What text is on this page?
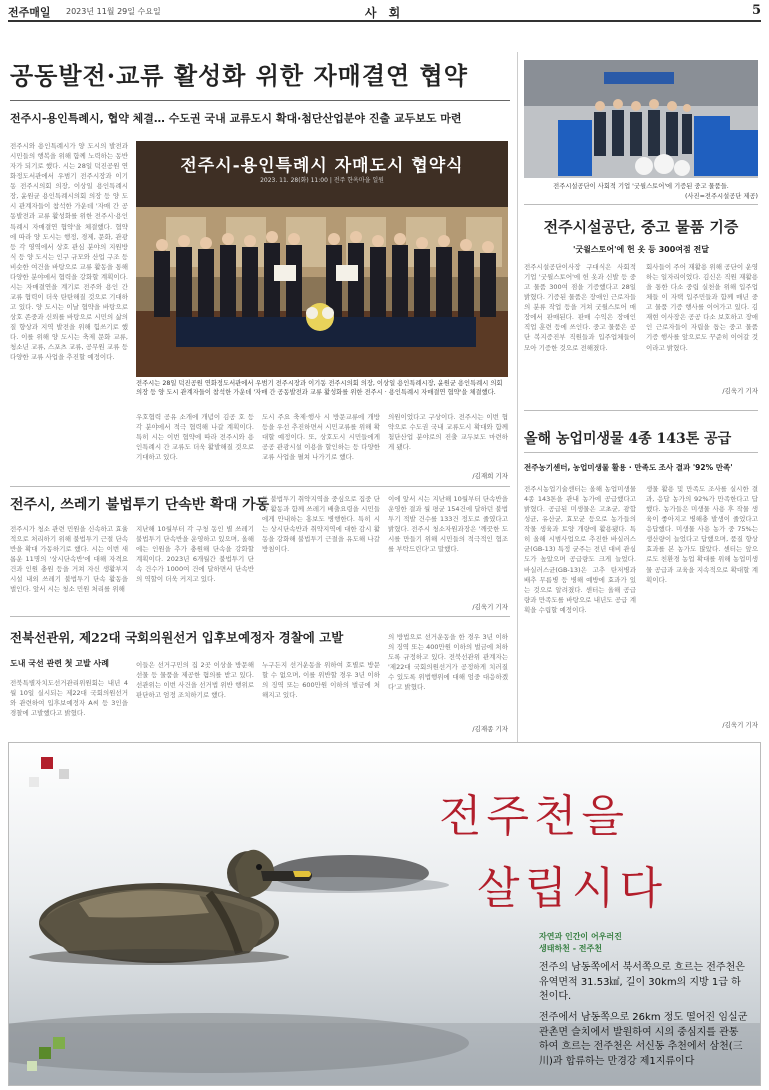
전주매일 2023년 11월 29일 수요일	사 회	5
공동발전·교류 활성화 위한 자매결연 협약
전주시-용인특례시, 협약 체결… 수도권 국내 교류도시 확대·첨단산업분야 진출 교두보도 마련
전주시와 용인특례시가 양 도시의 발전과 시민들의 행복을 위해 함께 노력하는 동반자가 되기로 했다. 시는 28일 덕진공원 연화정도서관에서 우범기 전주시장과 이기동 전주시의회 의장, 이상일 용인특례시장, 윤원균 용인특례시의회 의장 등 양 도시 관계자들이 참석한 가운데 '자매 간 공동발전과 교류 활성화를 위한 전주시·용인특례시 자매결연 협약'을 체결했다. 협약에 따라 양 도시는 행정, 경제, 문화, 관광 등 각 영역에서 상호 관심 분야의 지원방식 등 양 도시는 인구 규모와 산업 구조 등 비슷한 여건을 바탕으로 교류 활동을 통해 다양한 분야에서 협력을 강화할 계획이다. 시는 자매결연을 계기로 전주와 용인 간 교류 협력이 더욱 탄탄해질 것으로 기대하고 있다. 양 도시는 이날 협약을 바탕으로 상호 존중과 신뢰를 바탕으로 시민의 삶의 질 향상과 지역 발전을 위해 힘쓰기로 했다. 이를 위해 양 도시는 축제 문화 교류, 청소년 교류, 스포츠 교류, 공무원 교류 등 다양한 교류 사업을 추진할 예정이다.
전주시-용인특례시 자매도시 협약식
2023. 11. 28(화) 11:00 | 전주 한옥마을 일원
전주시는 28일 덕진공원 연화정도서관에서 우범기 전주시장과 이기동 전주시의회 의장, 이상일 용인특례시장, 윤원균 용인특례시 의회 의장 등 양 도시 관계자들이 참석한 가운데 '자매 간 공동발전과 교류 활성화를 위한 전주시 · 용인특례시 자매결연 협약'을 체결했다.
우호협력 공유 소개에 개념이 김공 호 등 각 분야에서 적극 협력해 나갈 계획이다. 특히 시는 이번 협약에 따라 전주시와 용인특례시 간 교류도 더욱 활발해질 것으로 기대하고 있다.
도시 주요 축제·행사 시 방문교류에 개방 등을 우선 추진하면서 시민교류를 위해 확대할 예정이다. 또, 상호도시 시민들에게 공공 관광시설 이용을 할인하는 등 다양한 교류 사업을 펼쳐 나가기로 했다.
의원이었다고 구상이다. 전주시는 이번 협약으로 수도권 국내 교류도시 확대와 함께 첨단산업 분야로의 진출 교두보도 마련하게 됐다.
/김재희 기자
전주시설공단이 사회적 기업 '굿윌스토어'에 기증된 중고 물품들.
(사진=전주시설공단 제공)
전주시설공단, 중고 물품 기증
'굿윌스토어'에 헌 옷 등 300여점 전달
전주시설공단이사장 구대식은 사회적 기업 '굿윌스토어'에 헌 옷과 신발 등 중고 물품 300여 점을 기증했다고 28일 밝혔다. 기증된 물품은 장애인 근로자들의 분류 작업 등을 거쳐 굿윌스토어 매장에서 판매된다. 판매 수익은 장애인 직업 훈련 등에 쓰인다. 중고 물품은 공단 복지증진부 직원들과 입주업체들이 모아 기증한 것으로 전해졌다.
회사들이 주어 재활용 위해 공단이 운영하는 일자리이었다. 김신은 직원 재활용을 통한 다소 중립 실천을 위해 입주업체들 이 자택 입주민들과 함께 매년 중고 물품 기증 행사를 이어가고 있다. 김재현 이사장은 공공 다소 보호하고 장애인 근로자들이 자립을 돕는 중고 물품 기증 행사를 앞으로도 꾸준히 이어갈 것이라고 밝혔다.
/김욱기 기자
올해 농업미생물 4종 143톤 공급
전주농기센터, 농업미생물 활용 · 만족도 조사 결과 '92% 만족'
전주시농업기술센터는 올해 농업미생물 4종 143톤을 관내 농가에 공급했다고 밝혔다. 공급된 미생물은 고초균, 광합성균, 유산균, 효모균 등으로 농가들의 작물 생육과 토양 개량에 활용됐다. 특히 올해 시범사업으로 추진한 바실러스균(GB-13) 특정 균주는 전년 대비 관심도가 높았으며 공급량도 크게 늘었다. 바실러스균(GB-13)은 고추 탄저병과 배추 무름병 등 병해 예방에 효과가 있는 것으로 알려졌다. 센터는 올해 공급량과 만족도를 바탕으로 내년도 공급 계획을 수립할 예정이다.
생물 활용 및 만족도 조사를 실시한 결과, 응답 농가의 92%가 만족한다고 답했다. 농가들은 미생물 사용 후 작물 생육이 좋아지고 병해충 발생이 줄었다고 응답했다. 미생물 사용 농가 중 75%는 생산량이 늘었다고 답했으며, 품질 향상 효과를 본 농가도 많았다. 센터는 앞으로도 친환경 농업 확대를 위해 농업미생물 공급과 교육을 지속적으로 확대할 계획이다.
/김욱기 기자
전주시, 쓰레기 불법투기 단속반 확대 가동
전주시가 청소 관련 민원을 신속하고 효율적으로 처리하기 위해 불법투기 근절 단속반을 확대 가동하기로 했다. 시는 이번 새롭운 11명의 '상시단속반'에 대해 자격요건과 인원 충원 등을 거쳐 자신 생활부지 시설 내외 쓰레기 불법투기 단속 활동을 벌인다. 앞서 시는 청소 민원 처리를 위해
지난해 10월부터 각 구청 동인 별 쓰레기 불법투기 단속반을 운영하고 있으며, 올해에는 인원을 추가 충원해 단속을 강화할 계획이다. 2023년 6개월간 불법투기 단속 건수가 1000여 건에 달하면서 단속반의 역할이 더욱 커지고 있다.
등 불법투기 취약지역을 중심으로 집중 단속 활동과 함께 쓰레기 배출요령을 시민들에게 안내하는 홍보도 병행한다. 특히 시는 상시단속반과 취약지역에 대한 감시 활동을 강화해 불법투기 근절을 유도해 나갈 방침이다.
이에 앞서 시는 지난해 10월부터 단속반을 운영한 결과 월 평균 154건에 달하던 불법투기 적발 건수를 133건 정도로 줄였다고 밝혔다. 전주시 청소자원과장은 '깨끗한 도시를 만들기 위해 시민들의 적극적인 협조를 부탁드린다'고 말했다.
/김욱기 기자
전북선관위, 제22대 국회의원선거 입후보예정자 경찰에 고발
도내 국선 관련 첫 고발 사례
전북특별자치도선거관리위원회는 내년 4월 10일 실시되는 제22대 국회의원선거와 관련하여 입후보예정자 A씨 등 3인을 경찰에 고발했다고 밝혔다.
이들은 선거구민의 집 2곳 이상을 방문해 선물 등 물품을 제공한 혐의를 받고 있다. 선관위는 이번 사건을 선거법 위반 행위로 판단하고 엄정 조치하기로 했다.
누구든지 선거운동을 위하여 호별로 방문할 수 없으며, 이를 위반할 경우 3년 이하의 징역 또는 600만원 이하의 벌금에 처해지고 있다.
의 방법으로 선거운동을 한 경우 3년 이하의 징역 또는 400만원 이하의 벌금에 처하도록 규정하고 있다. 전북선관위 관계자는 '제22대 국회의원선거가 공정하게 치러질 수 있도록 위법행위에 대해 엄중 대응하겠다'고 밝혔다.
/김재종 기자
전주천을
살립시다
자연과 인간이 어우러진
생태하천 - 전주천
전주의 남동쪽에서 북서쪽으로 흐르는 전주천은 유역면적 31.53㎢, 길이 30km의 지방 1급 하천이다.
전주에서 남동쪽으로 26km 정도 떨어진 임실군 관촌면 슬치에서 발원하여 시의 중심지를 관통 하여 흐르는 전주천은 서신동 추천에서 삼천(三川)과 합류하는 만경강 제1지류이다
